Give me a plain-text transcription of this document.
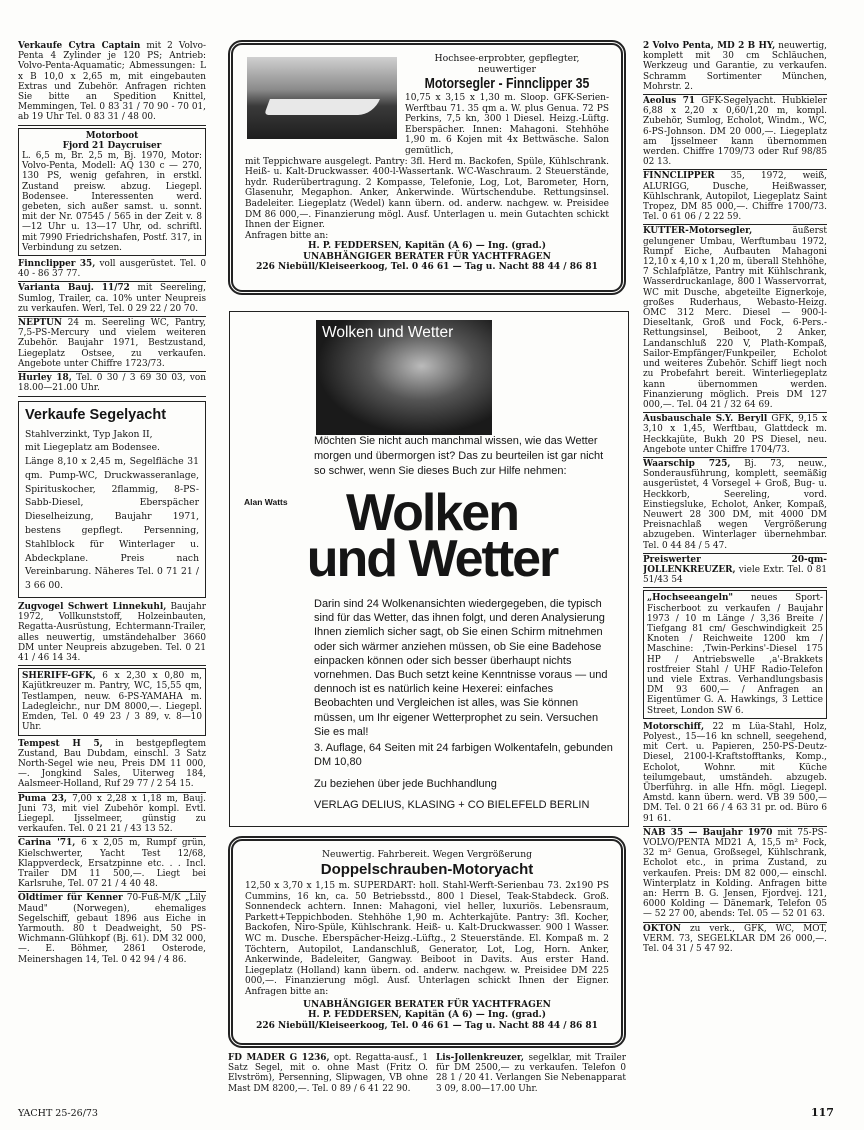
Verkaufe Cytra Captain mit 2 Volvo-Penta 4 Zylinder je 120 PS; Antrieb: Volvo-Penta-Aquamatic; Abmessungen: L x B 10,0 x 2,65 m, mit eingebauten Extras und Zubehör. Anfragen richten Sie bitte an Spedition Knittel, Memmingen, Tel. 0 83 31 / 70 90 - 70 01, ab 19 Uhr Tel. 0 83 31 / 48 00.

Motorboot
Fjord 21 Daycruiser

L. 6,5 m, Br. 2,5 m, Bj. 1970, Motor: Volvo-Penta, Modell: AQ 130 c — 270, 130 PS, wenig gefahren, in erstkl. Zustand preisw. abzug. Liegepl. Bodensee. Interessenten werd. gebeten, sich außer samst. u. sonnt. mit der Nr. 07545 / 565 in der Zeit v. 8—12 Uhr u. 13—17 Uhr, od. schriftl. mit 7990 Friedrichshafen, Postf. 317, in Verbindung zu setzen.

Finnclipper 35, voll ausgerüstet. Tel. 0 40 - 86 37 77.

Varianta Bauj. 11/72 mit Seereling, Sumlog, Trailer, ca. 10% unter Neupreis zu verkaufen. Werl, Tel. 0 29 22 / 20 70.

NEPTUN 24 m. Seereling WC, Pantry, 7,5-PS-Mercury und vielem weiteren Zubehör. Baujahr 1971, Bestzustand, Liegeplatz Ostsee, zu verkaufen. Angebote unter Chiffre 1723/73.

Hurley 18, Tel. 0 30 / 3 69 30 03, von 18.00—21.00 Uhr.

Verkaufe Segelyacht

Stahlverzinkt, Typ Jakon II,

mit Liegeplatz am Bodensee.

Länge 8,10 x 2,45 m, Segelfläche 31 qm. Pump-WC, Druckwasseranlage, Spirituskocher, 2flammig, 8-PS-Sabb-Diesel, Eberspächer Dieselheizung, Baujahr 1971, bestens gepflegt. Persenning, Stahlblock für Winterlager u. Abdeckplane. Preis nach Vereinbarung. Näheres Tel. 0 71 21 / 3 66 00.

Zugvogel Schwert Linnekuhl, Baujahr 1972, Vollkunststoff, Holzeinbauten, Regatta-Ausrüstung, Echtermann-Trailer, alles neuwertig, umständehalber 3660 DM unter Neupreis abzugeben. Tel. 0 21 41 / 46 14 34.

SHERIFF-GFK, 6 x 2,30 x 0,80 m, Kajütkreuzer m. Pantry, WC, 15,55 qm, Testlampen, neuw. 6-PS-YAMAHA m. Ladegleichr., nur DM 8000,—. Liegepl. Emden, Tel. 0 49 23 / 3 89, v. 8—10 Uhr.

Tempest H 5, in bestgepflegtem Zustand, Bau Dubdam, einschl. 3 Satz North-Segel wie neu, Preis DM 11 000,—. Jongkind Sales, Uiterweg 184, Aalsmeer-Holland, Ruf 29 77 / 2 54 15.

Puma 23, 7,00 x 2,28 x 1,18 m, Bauj. Juni 73, mit viel Zubehör kompl. Evtl. Liegepl. Ijsselmeer, günstig zu verkaufen. Tel. 0 21 21 / 43 13 52.

Carina '71, 6 x 2,05 m, Rumpf grün, Kielschwerter, Yacht Test 12/68, Klappverdeck, Ersatzpinne etc. . . Incl. Trailer DM 11 500,—. Liegt bei Karlsruhe, Tel. 07 21 / 4 40 48.

Oldtimer für Kenner 70-Fuß-M/K „Lily Maud" (Norwegen), ehemaliges Segelschiff, gebaut 1896 aus Eiche in Yarmouth. 80 t Deadweight, 50 PS-Wichmann-Glühkopf (Bj. 61). DM 32 000,—. E. Böhmer, 2861 Osterode, Meinershagen 14, Tel. 0 42 94 / 4 86.

Hochsee-erprobter, gepflegter, neuwertiger
Motorsegler - Finnclipper 35

10,75 x 3,15 x 1,30 m. Sloop. GFK-Serien-Werftbau 71. 35 qm a. W. plus Genua. 72 PS Perkins, 7,5 kn, 300 l Diesel. Heizg.-Lüftg. Eberspächer. Innen: Mahagoni. Stehhöhe 1,90 m. 6 Kojen mit 4x Bettwäsche. Salon gemütlich,

mit Teppichware ausgelegt. Pantry: 3fl. Herd m. Backofen, Spüle, Kühlschrank. Heiß- u. Kalt-Druckwasser. 400-l-Wassertank. WC-Waschraum. 2 Steuerstände, hydr. Ruderübertragung. 2 Kompasse, Telefonie, Log, Lot, Barometer, Horn, Glasenuhr, Megaphon. Anker, Ankerwinde. Würtschendube. Rettungsinsel. Badeleiter. Liegeplatz (Wedel) kann übern. od. anderw. nachgew. w. Preisidee DM 86 000,—. Finanzierung mögl. Ausf. Unterlagen u. mein Gutachten schickt Ihnen der Eigner.

Anfragen bitte an:

H. P. FEDDERSEN, Kapitän (A 6) — Ing. (grad.)
UNABHÄNGIGER BERATER FÜR YACHTFRAGEN
226 Niebüll/Kleiseerkoog, Tel. 0 46 61 — Tag u. Nacht 88 44 / 86 81
Wolken und Wetter

Möchten Sie nicht auch manchmal wissen, wie das Wetter morgen und übermorgen ist? Das zu beurteilen ist gar nicht so schwer, wenn Sie dieses Buch zur Hilfe nehmen:

Alan Watts	Wolken
und Wetter

Darin sind 24 Wolkenansichten wiedergegeben, die typisch sind für das Wetter, das ihnen folgt, und deren Analysierung Ihnen ziemlich sicher sagt, ob Sie einen Schirm mitnehmen oder sich wärmer anziehen müssen, ob Sie eine Badehose einpacken können oder sich besser überhaupt nichts vornehmen. Das Buch setzt keine Kenntnisse voraus — und dennoch ist es natürlich keine Hexerei: einfaches Beobachten und Vergleichen ist alles, was Sie können müssen, um Ihr eigener Wetterprophet zu sein. Versuchen Sie es mal!

3. Auflage, 64 Seiten mit 24 farbigen Wolkentafeln, gebunden DM 10,80

Zu beziehen über jede Buchhandlung
VERLAG DELIUS, KLASING + CO BIELEFELD BERLIN
Neuwertig. Fahrbereit. Wegen Vergrößerung
Doppelschrauben-Motoryacht

12,50 x 3,70 x 1,15 m. SUPERDART: holl. Stahl-Werft-Serienbau 73. 2x190 PS Cummins, 16 kn, ca. 50 Betriebsstd., 800 l Diesel, Teak-Stabdeck. Groß. Sonnendeck achtern. Innen: Mahagoni, viel heller, luxuriös. Lebensraum, Parkett+Teppichboden. Stehhöhe 1,90 m. Achterkajüte. Pantry: 3fl. Kocher, Backofen, Niro-Spüle, Kühlschrank. Heiß- u. Kalt-Druckwasser. 900 l Wasser. WC m. Dusche. Eberspächer-Heizg.-Lüftg., 2 Steuerstände. El. Kompaß m. 2 Töchtern, Autopilot, Landanschluß, Generator, Lot, Log, Horn. Anker, Ankerwinde, Badeleiter, Gangway. Beiboot in Davits. Aus erster Hand. Liegeplatz (Holland) kann übern. od. anderw. nachgew. w. Preisidee DM 225 000,—. Finanzierung mögl. Ausf. Unterlagen schickt Ihnen der Eigner. Anfragen bitte an:

UNABHÄNGIGER BERATER FÜR YACHTFRAGEN
H. P. FEDDERSEN, Kapitän (A 6) — Ing. (grad.)
226 Niebüll/Kleiseerkoog, Tel. 0 46 61 — Tag u. Nacht 88 44 / 86 81

FD MADER G 1236, opt. Regatta-ausf., 1 Satz Segel, mit o. ohne Mast (Fritz O. Elvström), Persenning, Slipwagen, VB ohne Mast DM 8200,—. Tel. 0 89 / 6 41 22 90.

Lis-Jollenkreuzer, segelklar, mit Trailer für DM 2500,— zu verkaufen. Telefon 0 28 1 / 20 41. Verlangen Sie Nebenapparat 3 09, 8.00—17.00 Uhr.

2 Volvo Penta, MD 2 B HY, neuwertig, komplett mit 30 cm Schläuchen, Werkzeug und Garantie, zu verkaufen. Schramm Sortimenter München, Mohrstr. 2.

Aeolus 71 GFK-Segelyacht. Hubkieler 6,88 x 2,20 x 0,60/1,20 m, kompl. Zubehör, Sumlog, Echolot, Windm., WC, 6-PS-Johnson. DM 20 000,—. Liegeplatz am Ijsselmeer kann übernommen werden. Chiffre 1709/73 oder Ruf 98/85 02 13.

FINNCLIPPER 35, 1972, weiß, ALURIGG, Dusche, Heißwasser, Kühlschrank, Autopilot, Liegeplatz Saint Tropez, DM 85 000,—. Chiffre 1700/73. Tel. 0 61 06 / 2 22 59.

KUTTER-Motorsegler, äußerst gelungener Umbau, Werftumbau 1972, Rumpf Eiche, Aufbauten Mahagoni 12,10 x 4,10 x 1,20 m, überall Stehhöhe, 7 Schlafplätze, Pantry mit Kühlschrank, Wasserdruckanlage, 800 l Wasservorrat, WC mit Dusche, abgeteilte Eignerkoje, großes Ruderhaus, Webasto-Heizg. OMC 312 Merc. Diesel — 900-l-Dieseltank, Groß und Fock, 6-Pers.-Rettungsinsel, Beiboot, 2 Anker, Landanschluß 220 V, Plath-Kompaß, Sailor-Empfänger/Funkpeiler, Echolot und weiteres Zubehör. Schiff liegt noch zu Probefahrt bereit. Winterliegeplatz kann übernommen werden. Finanzierung möglich. Preis DM 127 000,—. Tel. 04 21 / 32 64 69.

Ausbauschale S.Y. Beryll GFK, 9,15 x 3,10 x 1,45, Werftbau, Glattdeck m. Heckkajüte, Bukh 20 PS Diesel, neu. Angebote unter Chiffre 1704/73.

Waarschip 725, Bj. 73, neuw., Sonderausführung, komplett, seemäßig ausgerüstet, 4 Vorsegel + Groß, Bug- u. Heckkorb, Seereling, vord. Einstiegsluke, Echolot, Anker, Kompaß, Neuwert 28 300 DM, mit 4000 DM Preisnachlaß wegen Vergrößerung abzugeben. Winterlager übernehmbar. Tel. 0 44 84 / 5 47.

Preiswerter 20-qm-JOLLENKREUZER, viele Extr. Tel. 0 81 51/43 54

„Hochseeangeln" neues Sport-Fischerboot zu verkaufen / Baujahr 1973 / 10 m Länge / 3,36 Breite / Tiefgang 81 cm/ Geschwindigkeit 25 Knoten / Reichweite 1200 km / Maschine: ‚Twin-Perkins'-Diesel 175 HP / Antriebswelle ‚a'-Brakkets rostfreier Stahl / UHF Radio-Telefon und viele Extras. Verhandlungsbasis DM 93 600,— / Anfragen an Eigentümer G. A. Hawkings, 3 Lettice Street, London SW 6.

Motorschiff, 22 m Lüa-Stahl, Holz, Polyest., 15—16 kn schnell, seegehend, mit Cert. u. Papieren, 250-PS-Deutz-Diesel, 2100-l-Kraftstofftanks, Komp., Echolot, Wohnr. mit Küche teilumgebaut, umständeh. abzugeb. Überführg. in alle Hfn. mögl. Liegepl. Amstd. kann übern. werd. VB 39 500,— DM. Tel. 0 21 66 / 4 63 31 pr. od. Büro 6 91 61.

NAB 35 — Baujahr 1970 mit 75-PS-VOLVO/PENTA MD21 A, 15,5 m² Fock, 32 m² Genua, Großsegel, Kühlschrank, Echolot etc., in prima Zustand, zu verkaufen. Preis: DM 82 000,— einschl. Winterplatz in Kolding. Anfragen bitte an: Herrn B. G. Jensen, Fjordvej. 121, 6000 Kolding — Dänemark, Telefon 05 — 52 27 00, abends: Tel. 05 — 52 01 63.

OKTON zu verk., GFK, WC, MOT, VERM. 73, SEGELKLAR DM 26 000,—. Tel. 04 31 / 5 47 92.

YACHT 25-26/73	117
